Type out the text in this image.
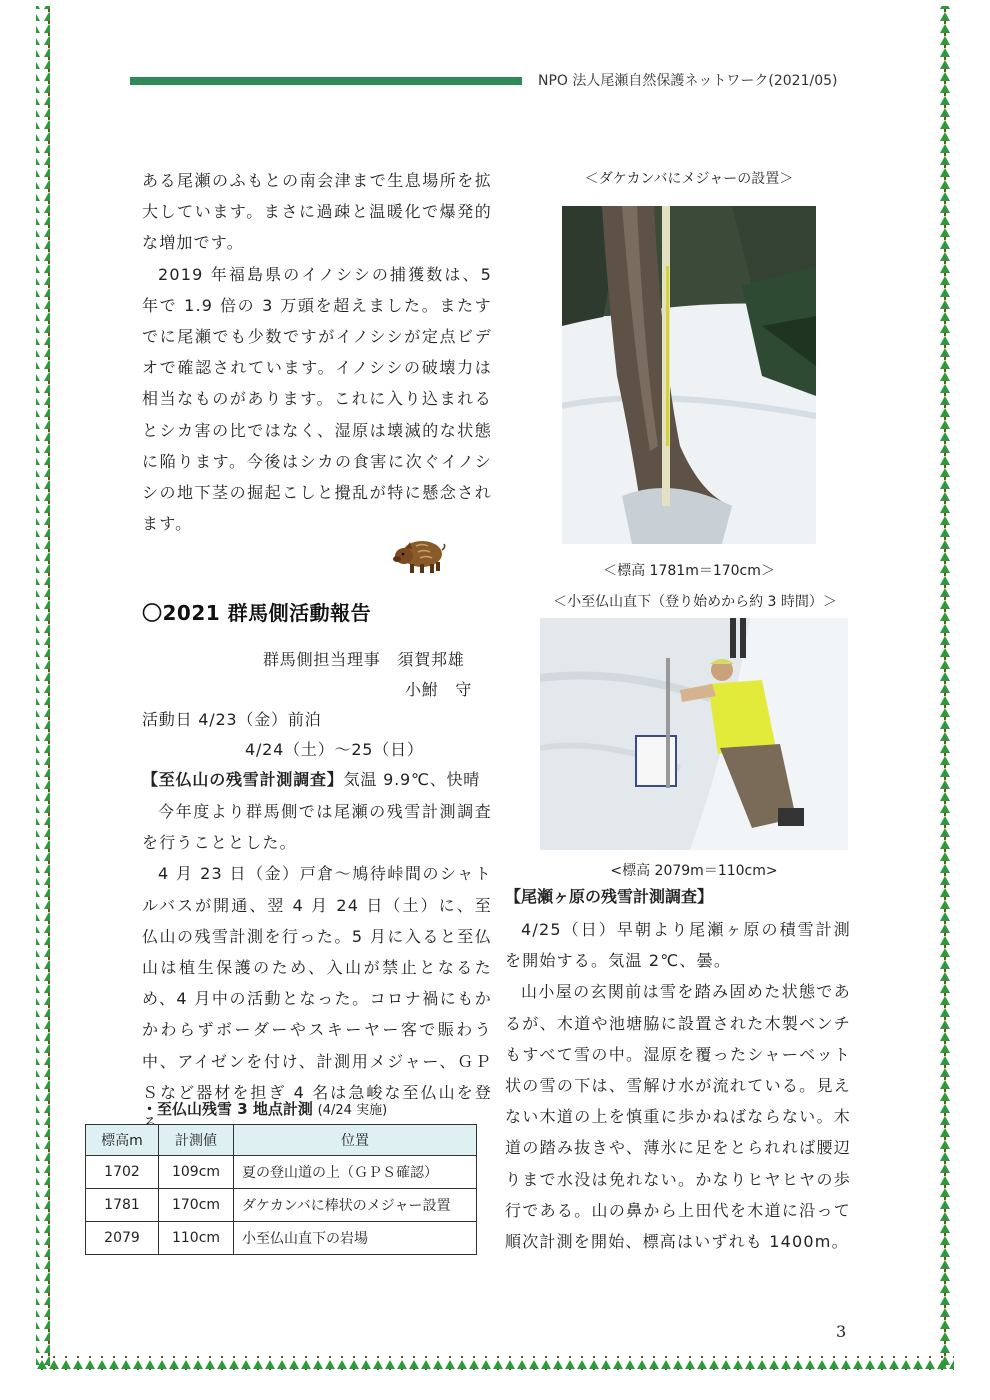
NPO 法人尾瀬自然保護ネットワーク(2021/05)

ある尾瀬のふもとの南会津まで生息場所を拡大しています。まさに過疎と温暖化で爆発的な増加です。

2019 年福島県のイノシシの捕獲数は、5年で 1.9 倍の 3 万頭を超えました。またすでに尾瀬でも少数ですがイノシシが定点ビデオで確認されています。イノシシの破壊力は相当なものがあります。これに入り込まれるとシカ害の比ではなく、湿原は壊滅的な状態に陥ります。今後はシカの食害に次ぐイノシシの地下茎の掘起こしと攪乱が特に懸念されます。

〇2021 群馬側活動報告
群馬側担当理事　須賀邦雄
小鮒　守
活動日 4/23（金）前泊
4/24（土）～25（日）
【至仏山の残雪計測調査】気温 9.9℃、快晴

今年度より群馬側では尾瀬の残雪計測調査を行うこととした。

4 月 23 日（金）戸倉～鳩待峠間のシャトルバスが開通、翌 4 月 24 日（土）に、至仏山の残雪計測を行った。5 月に入ると至仏山は植生保護のため、入山が禁止となるため、4 月中の活動となった。コロナ禍にもかかわらずボーダーやスキーヤー客で賑わう中、アイゼンを付け、計測用メジャー、ＧＰＳなど器材を担ぎ 4 名は急峻な至仏山を登

・至仏山残雪 3 地点計測 (4/24 実施)
標高m	計測値	位置
1702	109cm	夏の登山道の上（ＧＰＳ確認）
1781	170cm	ダケカンバに棒状のメジャー設置
2079	110cm	小至仏山直下の岩場
＜ダケカンバにメジャーの設置＞
＜標高 1781m＝170cm＞
＜小至仏山直下（登り始めから約 3 時間）＞
<標高 2079m＝110cm>
【尾瀬ヶ原の残雪計測調査】

4/25（日）早朝より尾瀬ヶ原の積雪計測を開始する。気温 2℃、曇。

山小屋の玄関前は雪を踏み固めた状態であるが、木道や池塘脇に設置された木製ベンチもすべて雪の中。湿原を覆ったシャーベット状の雪の下は、雪解け水が流れている。見えない木道の上を慎重に歩かねばならない。木道の踏み抜きや、薄氷に足をとられれば腰辺りまで水没は免れない。かなりヒヤヒヤの歩行である。山の鼻から上田代を木道に沿って順次計測を開始、標高はいずれも 1400m。

3
